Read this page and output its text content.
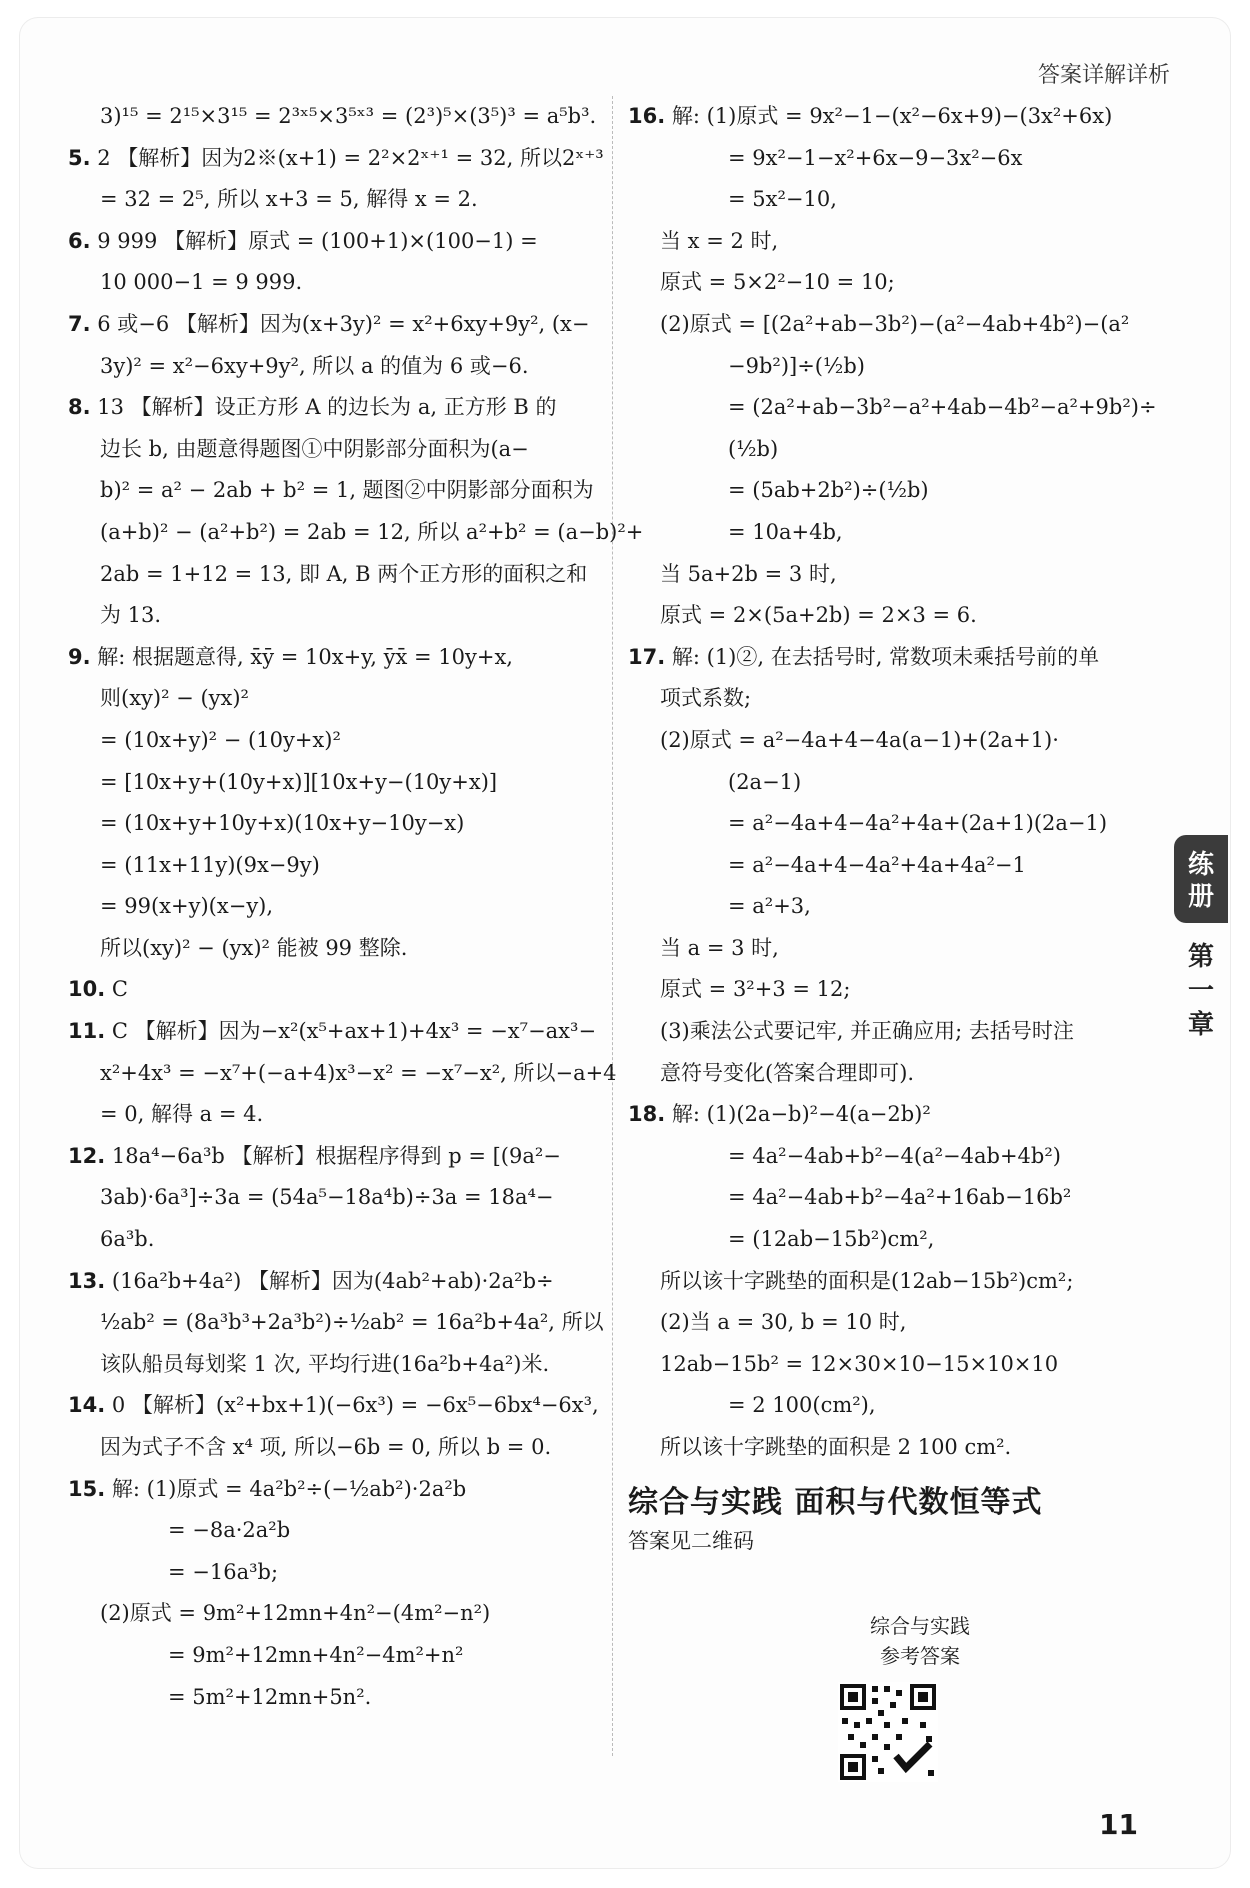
答案详解详析
3)¹⁵ = 2¹⁵×3¹⁵ = 2³ˣ⁵×3⁵ˣ³ = (2³)⁵×(3⁵)³ = a⁵b³.
5. 2 【解析】因为2※(x+1) = 2²×2ˣ⁺¹ = 32, 所以2ˣ⁺³
= 32 = 2⁵, 所以 x+3 = 5, 解得 x = 2.
6. 9 999 【解析】原式 = (100+1)×(100−1) =
10 000−1 = 9 999.
7. 6 或−6 【解析】因为(x+3y)² = x²+6xy+9y², (x−
3y)² = x²−6xy+9y², 所以 a 的值为 6 或−6.
8. 13 【解析】设正方形 A 的边长为 a, 正方形 B 的
边长 b, 由题意得题图①中阴影部分面积为(a−
b)² = a² − 2ab + b² = 1, 题图②中阴影部分面积为
(a+b)² − (a²+b²) = 2ab = 12, 所以 a²+b² = (a−b)²+
2ab = 1+12 = 13, 即 A, B 两个正方形的面积之和
为 13.
9. 解: 根据题意得, x̄ȳ = 10x+y, ȳx̄ = 10y+x,
则(xy)² − (yx)²
= (10x+y)² − (10y+x)²
= [10x+y+(10y+x)][10x+y−(10y+x)]
= (10x+y+10y+x)(10x+y−10y−x)
= (11x+11y)(9x−9y)
= 99(x+y)(x−y),
所以(xy)² − (yx)² 能被 99 整除.
10. C
11. C 【解析】因为−x²(x⁵+ax+1)+4x³ = −x⁷−ax³−
x²+4x³ = −x⁷+(−a+4)x³−x² = −x⁷−x², 所以−a+4
= 0, 解得 a = 4.
12. 18a⁴−6a³b 【解析】根据程序得到 p = [(9a²−
3ab)·6a³]÷3a = (54a⁵−18a⁴b)÷3a = 18a⁴−
6a³b.
13. (16a²b+4a²) 【解析】因为(4ab²+ab)·2a²b÷
½ab² = (8a³b³+2a³b²)÷½ab² = 16a²b+4a², 所以
该队船员每划桨 1 次, 平均行进(16a²b+4a²)米.
14. 0 【解析】(x²+bx+1)(−6x³) = −6x⁵−6bx⁴−6x³,
因为式子不含 x⁴ 项, 所以−6b = 0, 所以 b = 0.
15. 解: (1)原式 = 4a²b²÷(−½ab²)·2a²b
= −8a·2a²b
= −16a³b;
(2)原式 = 9m²+12mn+4n²−(4m²−n²)
= 9m²+12mn+4n²−4m²+n²
= 5m²+12mn+5n².
16. 解: (1)原式 = 9x²−1−(x²−6x+9)−(3x²+6x)
= 9x²−1−x²+6x−9−3x²−6x
= 5x²−10,
当 x = 2 时,
原式 = 5×2²−10 = 10;
(2)原式 = [(2a²+ab−3b²)−(a²−4ab+4b²)−(a²
−9b²)]÷(½b)
= (2a²+ab−3b²−a²+4ab−4b²−a²+9b²)÷
(½b)
= (5ab+2b²)÷(½b)
= 10a+4b,
当 5a+2b = 3 时,
原式 = 2×(5a+2b) = 2×3 = 6.
17. 解: (1)②, 在去括号时, 常数项未乘括号前的单
项式系数;
(2)原式 = a²−4a+4−4a(a−1)+(2a+1)·
(2a−1)
= a²−4a+4−4a²+4a+(2a+1)(2a−1)
= a²−4a+4−4a²+4a+4a²−1
= a²+3,
当 a = 3 时,
原式 = 3²+3 = 12;
(3)乘法公式要记牢, 并正确应用; 去括号时注
意符号变化(答案合理即可).
18. 解: (1)(2a−b)²−4(a−2b)²
= 4a²−4ab+b²−4(a²−4ab+4b²)
= 4a²−4ab+b²−4a²+16ab−16b²
= (12ab−15b²)cm²,
所以该十字跳垫的面积是(12ab−15b²)cm²;
(2)当 a = 30, b = 10 时,
12ab−15b² = 12×30×10−15×10×10
= 2 100(cm²),
所以该十字跳垫的面积是 2 100 cm².
综合与实践 面积与代数恒等式
答案见二维码
练
册
第
一
章
综合与实践
参考答案
11
